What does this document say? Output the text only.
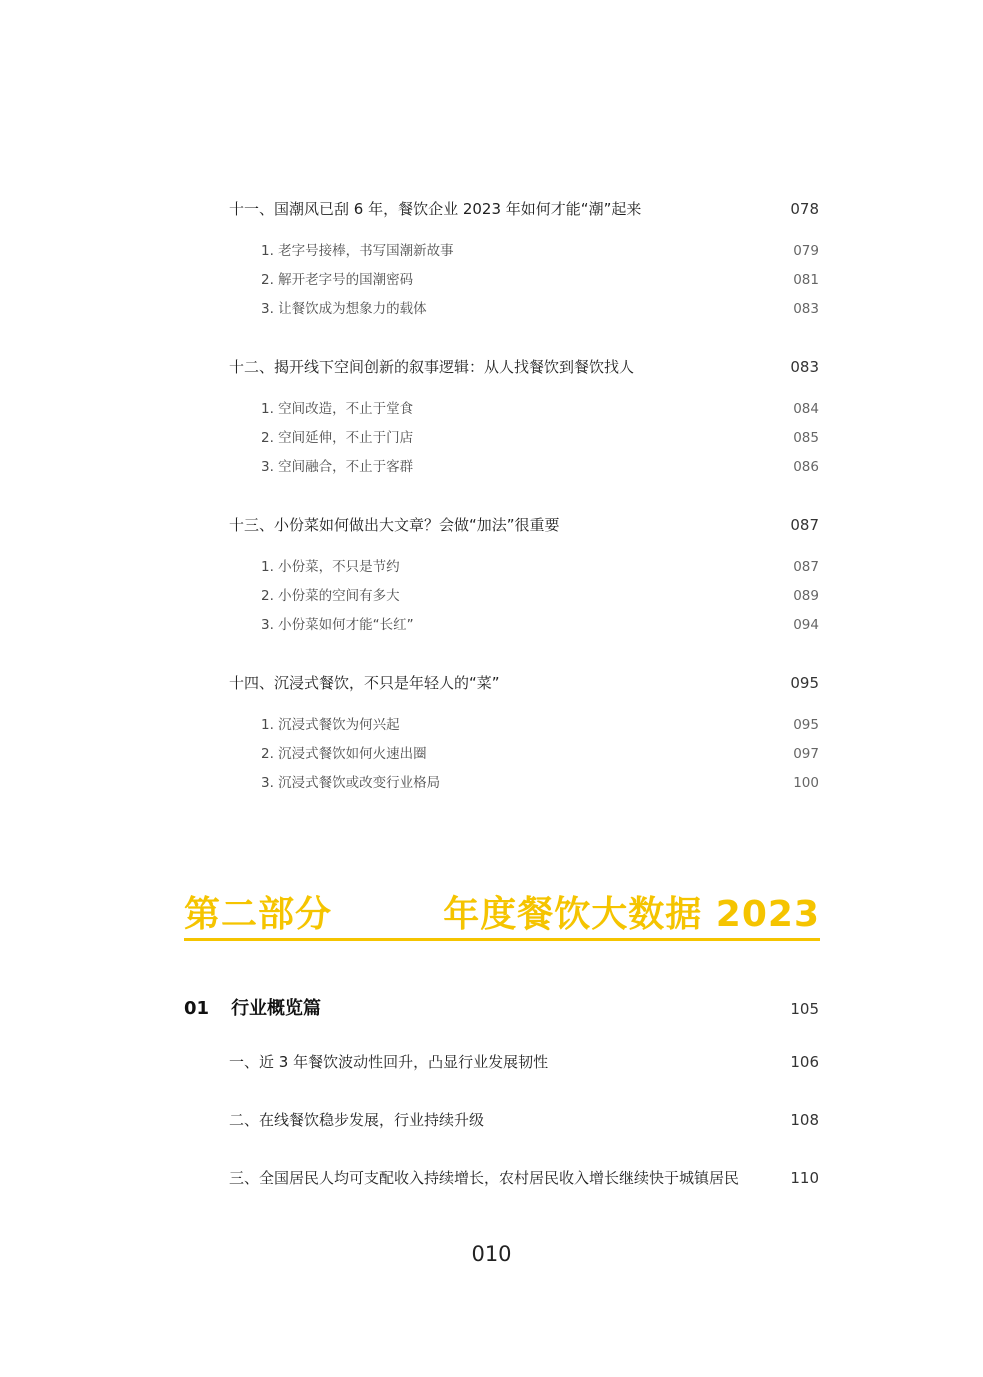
十一、国潮风已刮 6 年，餐饮企业 2023 年如何才能“潮”起来	078
1. 老字号接棒，书写国潮新故事	079
2. 解开老字号的国潮密码	081
3. 让餐饮成为想象力的载体	083
十二、揭开线下空间创新的叙事逻辑：从人找餐饮到餐饮找人	083
1. 空间改造，不止于堂食	084
2. 空间延伸，不止于门店	085
3. 空间融合，不止于客群	086
十三、小份菜如何做出大文章？会做“加法”很重要	087
1. 小份菜，不只是节约	087
2. 小份菜的空间有多大	089
3. 小份菜如何才能“长红”	094
十四、沉浸式餐饮，不只是年轻人的“菜”	095
1. 沉浸式餐饮为何兴起	095
2. 沉浸式餐饮如何火速出圈	097
3. 沉浸式餐饮或改变行业格局	100
第二部分	年度餐饮大数据 2023
01 行业概览篇	105
一、近 3 年餐饮波动性回升，凸显行业发展韧性	106
二、在线餐饮稳步发展，行业持续升级	108
三、全国居民人均可支配收入持续增长，农村居民收入增长继续快于城镇居民	110
010
